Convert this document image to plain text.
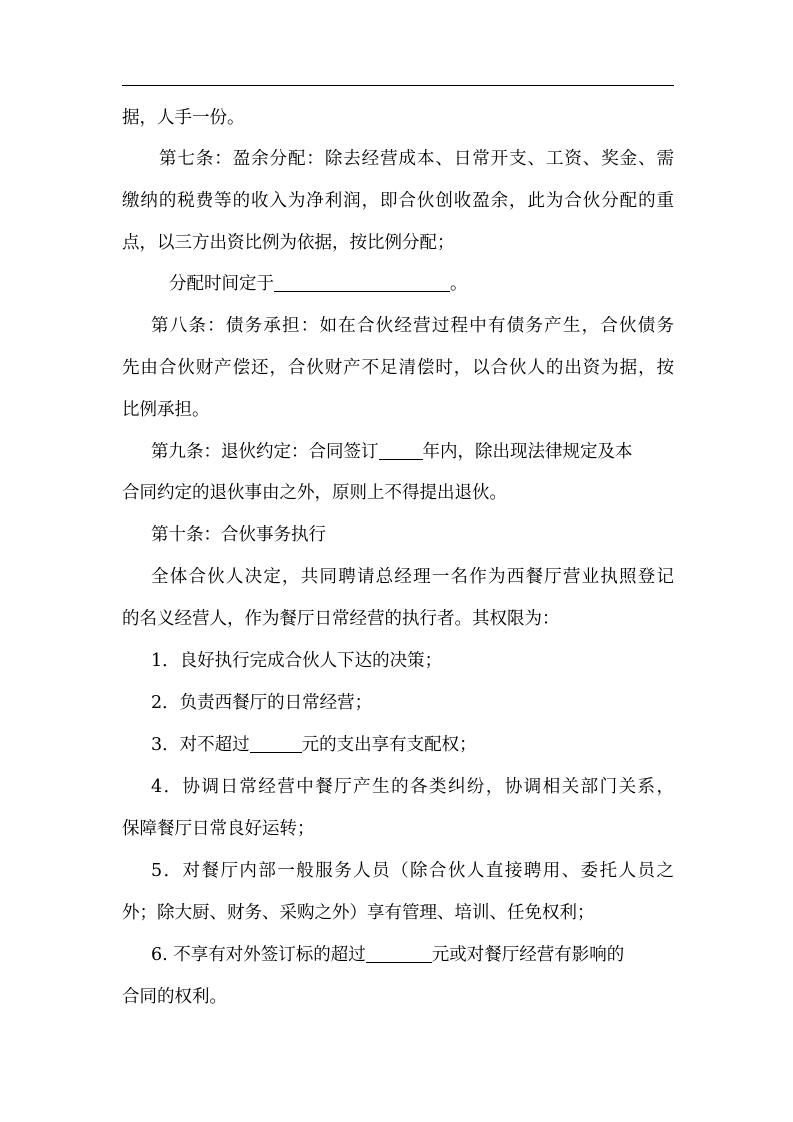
据，人手一份。
第七条：盈余分配：除去经营成本、日常开支、工资、奖金、需
缴纳的税费等的收入为净利润，即合伙创收盈余，此为合伙分配的重
点，以三方出资比例为依据，按比例分配；
分配时间定于	。
第八条：债务承担：如在合伙经营过程中有债务产生，合伙债务
先由合伙财产偿还，合伙财产不足清偿时，以合伙人的出资为据，按
比例承担。
第九条：退伙约定：合同签订	年内，除出现法律规定及本
合同约定的退伙事由之外，原则上不得提出退伙。
第十条：合伙事务执行
全体合伙人决定，共同聘请总经理一名作为西餐厅营业执照登记
的名义经营人，作为餐厅日常经营的执行者。其权限为：
1．良好执行完成合伙人下达的决策；
2．负责西餐厅的日常经营；
3．对不超过	元的支出享有支配权；
4．协调日常经营中餐厅产生的各类纠纷，协调相关部门关系，
保障餐厅日常良好运转；
5．对餐厅内部一般服务人员（除合伙人直接聘用、委托人员之
外；除大厨、财务、采购之外）享有管理、培训、任免权利；
6. 不享有对外签订标的超过	元或对餐厅经营有影响的
合同的权利。
